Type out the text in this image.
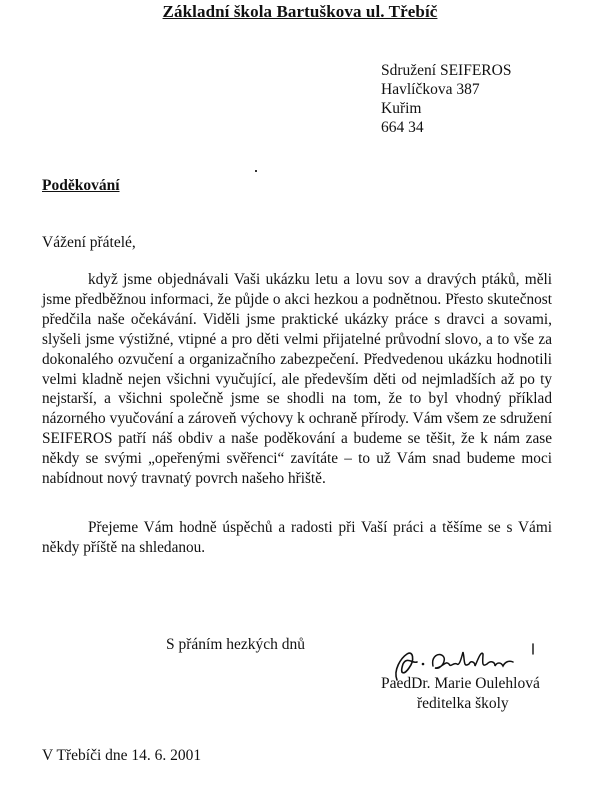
Základní škola Bartuškova ul. Třebíč
Sdružení SEIFEROS
Havlíčkova 387
Kuřim
664 34
Poděkování
Vážení přátelé,

když jsme objednávali Vaši ukázku letu a lovu sov a dravých ptáků, měli jsme předběžnou informaci, že půjde o akci hezkou a podnětnou. Přesto skutečnost předčila naše očekávání. Viděli jsme praktické ukázky práce s dravci a sovami, slyšeli jsme výstižné, vtipné a pro děti velmi přijatelné průvodní slovo, a to vše za dokonalého ozvučení a organizačního zabezpečení. Předvedenou ukázku hodnotili velmi kladně nejen všichni vyučující, ale především děti od nejmladších až po ty nejstarší, a všichni společně jsme se shodli na tom, že to byl vhodný příklad názorného vyučování a zároveň výchovy k ochraně přírody. Vám všem ze sdružení SEIFEROS patří náš obdiv a naše poděkování a budeme se těšit, že k nám zase někdy se svými „opeřenými svěřenci“ zavítáte – to už Vám snad budeme moci nabídnout nový travnatý povrch našeho hřiště.

Přejeme Vám hodně úspěchů a radosti při Vaší práci a těšíme se s Vámi někdy příště na shledanou.

S přáním hezkých dnů
PaedDr. Marie Oulehlová
ředitelka školy
V Třebíči dne 14. 6. 2001
